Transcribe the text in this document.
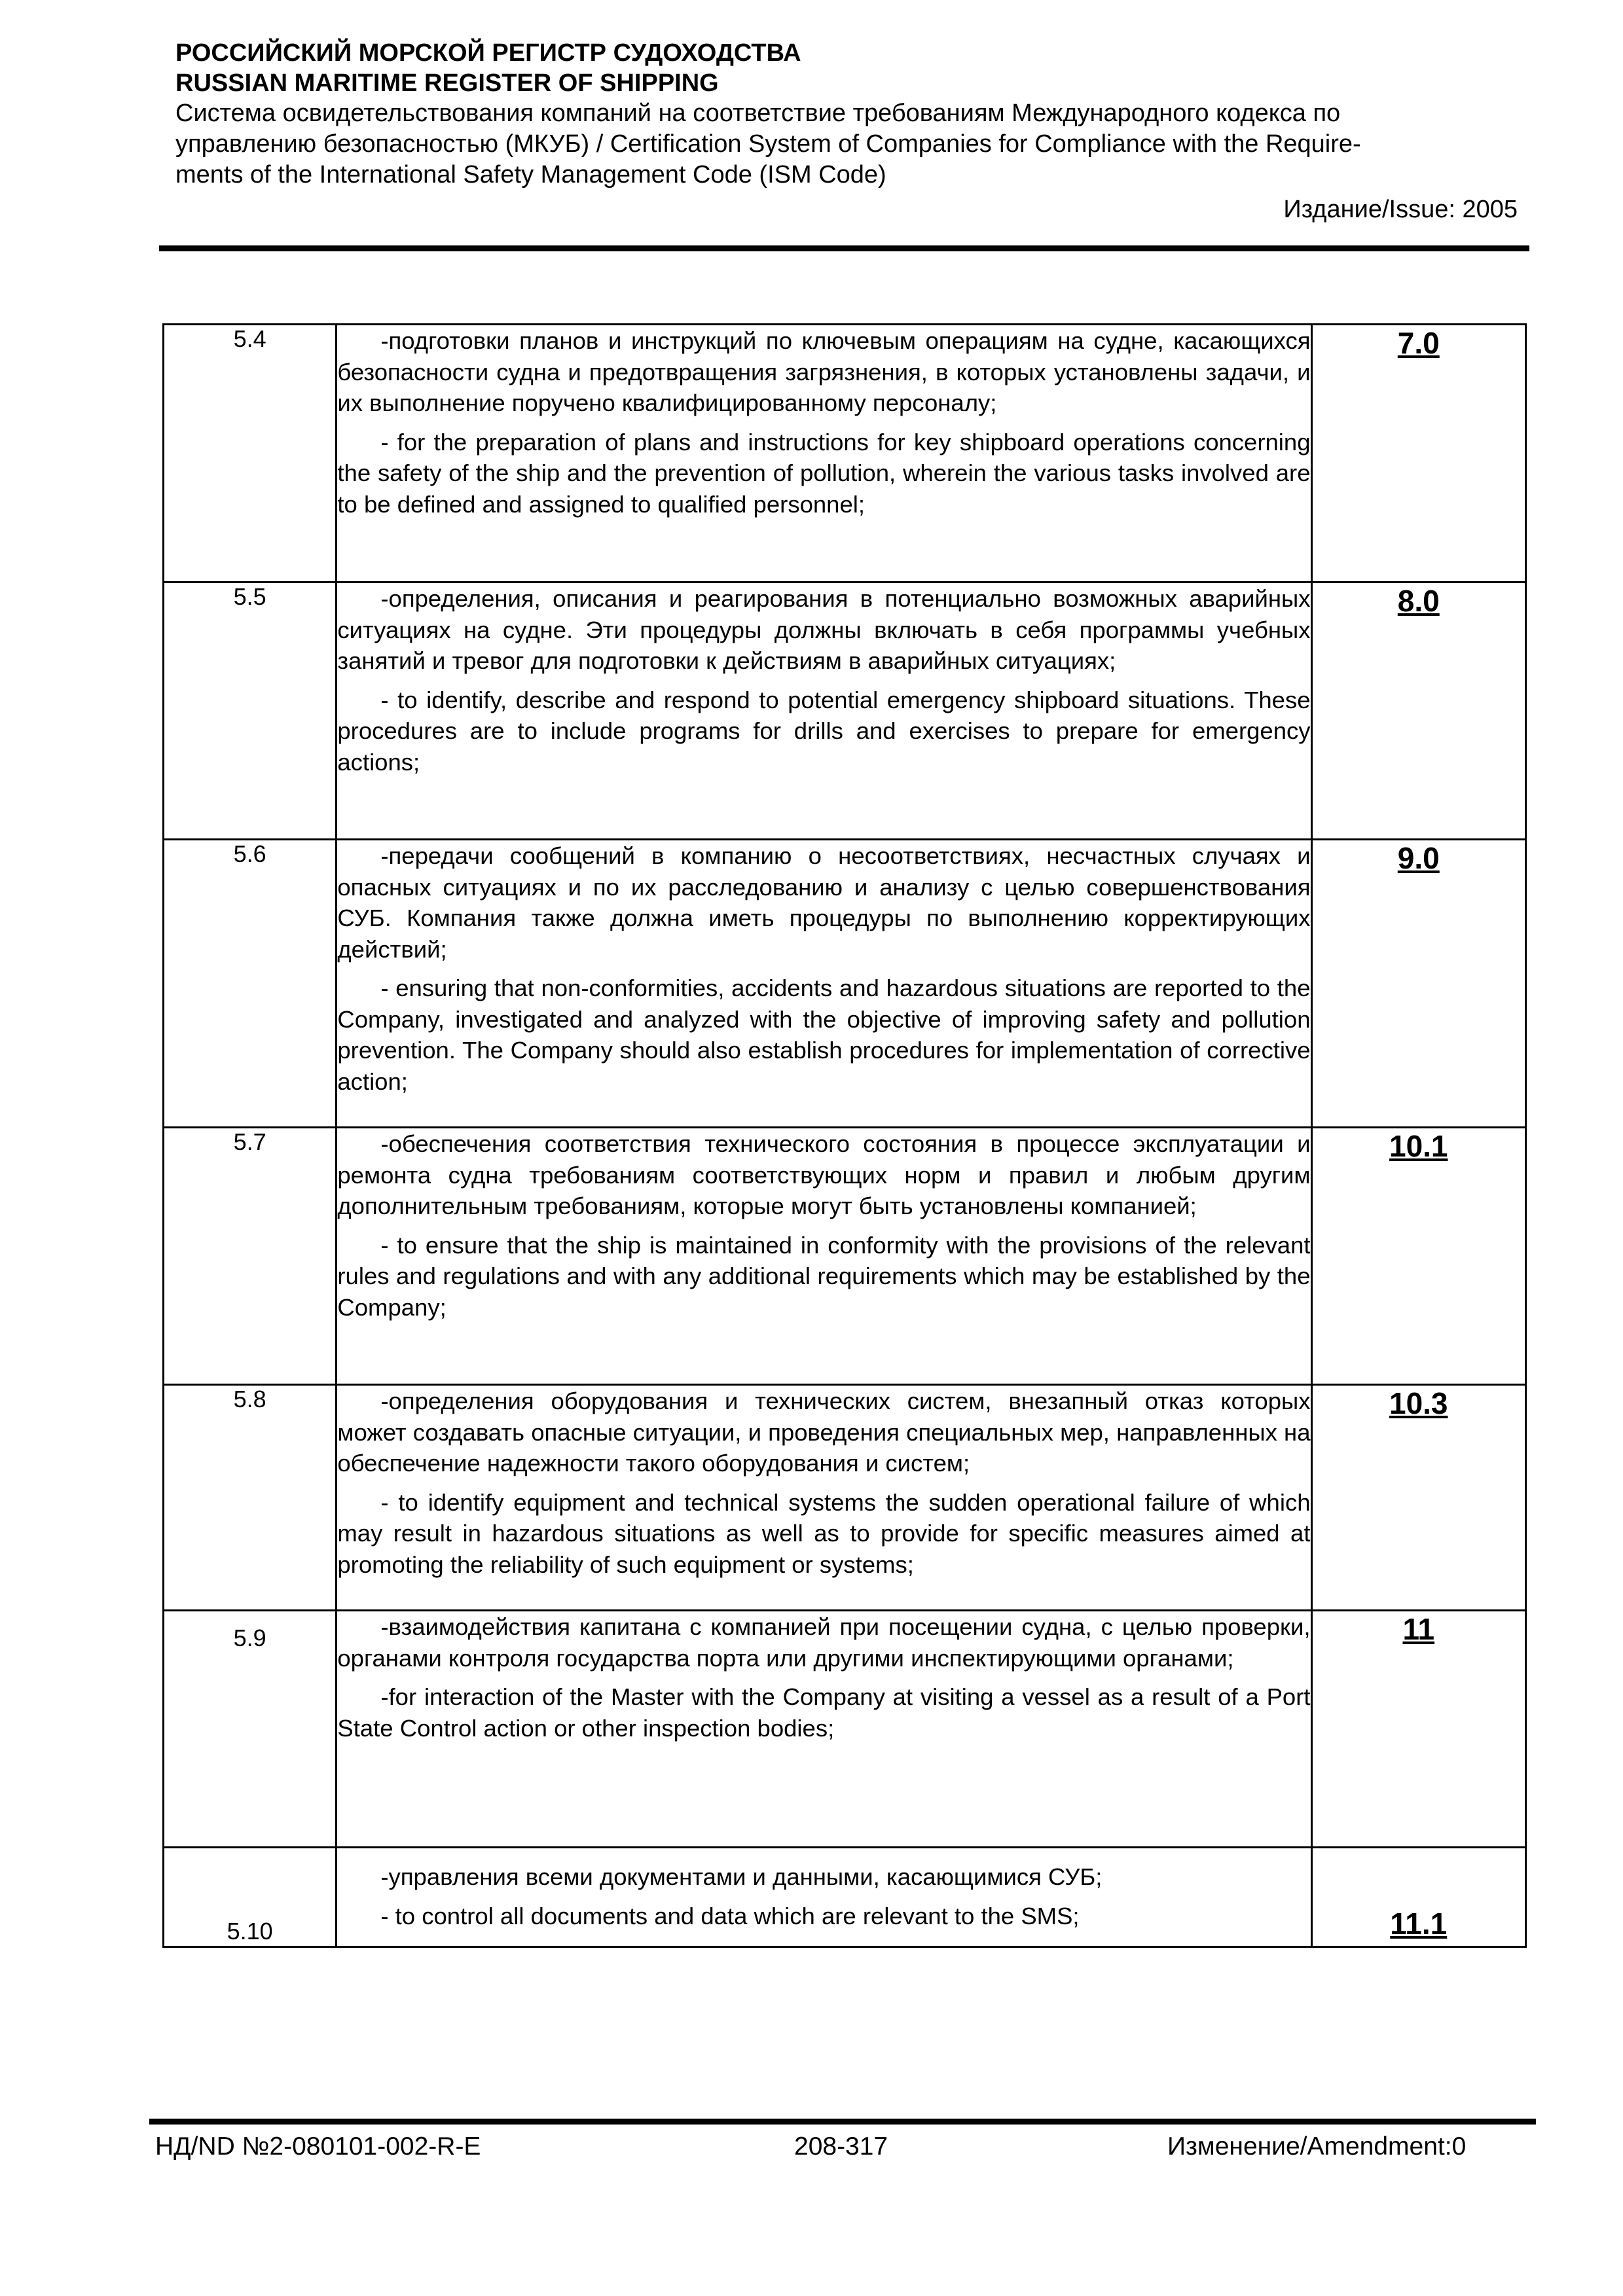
РОССИЙСКИЙ МОРСКОЙ РЕГИСТР СУДОХОДСТВА

RUSSIAN MARITIME REGISTER OF SHIPPING

Система освидетельствования компаний на соответствие требованиям Международного кодекса по

управлению безопасностью (МКУБ) / Certification System of Companies for Compliance with the Require-

ments of the International Safety Management Code (ISM Code)

Издание/Issue: 2005
5.4	-подготовки планов и инструкций по ключевым операциям на судне, касающихся безопасности судна и предотвращения загрязнения, в которых установлены задачи, и их выполнение поручено квалифицированному персоналу;

- for the preparation of plans and instructions for key shipboard operations concerning the safety of the ship and the prevention of pollution, wherein the various tasks involved are to be defined and assigned to qualified personnel;	7.0
5.5	-определения, описания и реагирования в потенциально возможных аварийных ситуациях на судне. Эти процедуры должны включать в себя программы учебных занятий и тревог для подготовки к действиям в аварийных ситуациях;

- to identify, describe and respond to potential emergency shipboard situations. These procedures are to include programs for drills and exercises to prepare for emergency actions;	8.0
5.6	-передачи сообщений в компанию о несоответствиях, несчастных случаях и опасных ситуациях и по их расследованию и анализу с целью совершенствования СУБ. Компания также должна иметь процедуры по выполнению корректирующих действий;

- ensuring that non-conformities, accidents and hazardous situations are reported to the Company, investigated and analyzed with the objective of improving safety and pollution prevention. The Company should also establish procedures for implementation of corrective action;	9.0
5.7	-обеспечения соответствия технического состояния в процессе эксплуатации и ремонта судна требованиям соответствующих норм и правил и любым другим дополнительным требованиям, которые могут быть установлены компанией;

- to ensure that the ship is maintained in conformity with the provisions of the relevant rules and regulations and with any additional requirements which may be established by the Company;	10.1
5.8	-определения оборудования и технических систем, внезапный отказ которых может создавать опасные ситуации, и проведения специальных мер, направленных на обеспечение надежности такого оборудования и систем;

- to identify equipment and technical systems the sudden operational failure of which may result in hazardous situations as well as to provide for specific measures aimed at promoting the reliability of such equipment or systems;	10.3
5.9	-взаимодействия капитана с компанией при посещении судна, с целью проверки, органами контроля государства порта или другими инспектирующими органами;

-for interaction of the Master with the Company at visiting a vessel as a result of a Port State Control action or other inspection bodies;	11
5.10	-управления всеми документами и данными, касающимися СУБ;

- to control all documents and data which are relevant to the SMS;	11.1
НД/ND №2-080101-002-R-E	208-317	Изменение/Amendment:0
